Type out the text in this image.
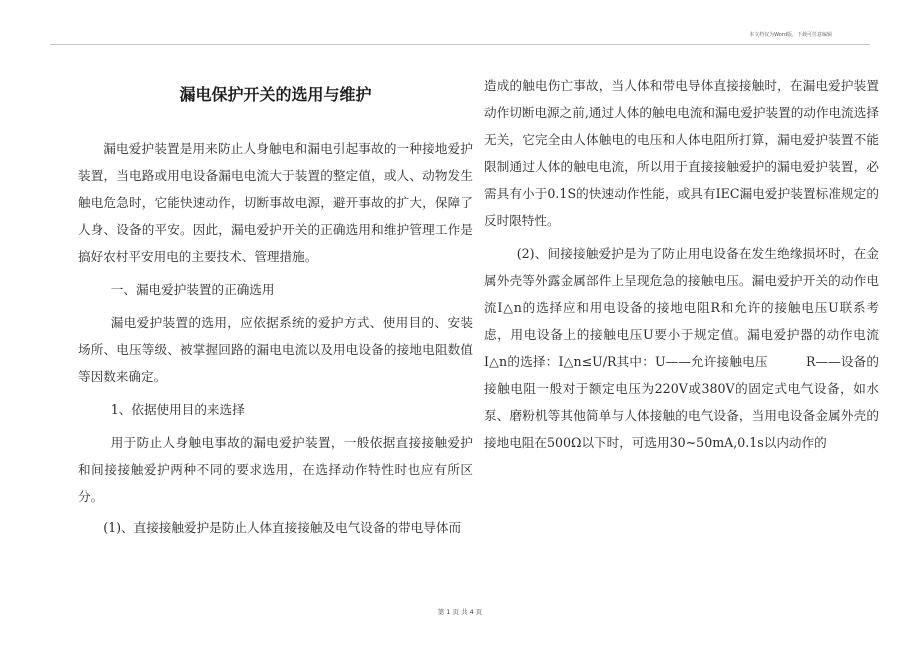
本文档仅为Word版，下载可任意编辑
漏电保护开关的选用与维护

漏电爱护装置是用来防止人身触电和漏电引起事故的一种接地爱护装置，当电路或用电设备漏电电流大于装置的整定值，或人、动物发生触电危急时，它能快速动作，切断事故电源，避开事故的扩大，保障了人身、设备的平安。因此，漏电爱护开关的正确选用和维护管理工作是搞好农村平安用电的主要技术、管理措施。

一、漏电爱护装置的正确选用

漏电爱护装置的选用，应依据系统的爱护方式、使用目的、安装场所、电压等级、被掌握回路的漏电电流以及用电设备的接地电阻数值等因数来确定。

1、依据使用目的来选择

用于防止人身触电事故的漏电爱护装置，一般依据直接接触爱护和间接接触爱护两种不同的要求选用，在选择动作特性时也应有所区分。

(1)、直接接触爱护是防止人体直接接触及电气设备的带电导体而

造成的触电伤亡事故，当人体和带电导体直接接触时，在漏电爱护装置动作切断电源之前,通过人体的触电电流和漏电爱护装置的动作电流选择无关，它完全由人体触电的电压和人体电阻所打算，漏电爱护装置不能限制通过人体的触电电流，所以用于直接接触爱护的漏电爱护装置，必需具有小于0.1S的快速动作性能，或具有IEC漏电爱护装置标准规定的反时限特性。

(2)、间接接触爱护是为了防止用电设备在发生绝缘损坏时，在金属外壳等外露金属部件上呈现危急的接触电压。漏电爱护开关的动作电流I△n的选择应和用电设备的接地电阻R和允许的接触电压U联系考虑，用电设备上的接触电压U要小于规定值。漏电爱护器的动作电流I△n的选择：I△n≤U/R其中：U——允许接触电压　　　R——设备的接触电阻一般对于额定电压为220V或380V的固定式电气设备，如水泵、磨粉机等其他简单与人体接触的电气设备，当用电设备金属外壳的接地电阻在500Ω以下时，可选用30~50mA,0.1s以内动作的

第 1 页 共 4 页
